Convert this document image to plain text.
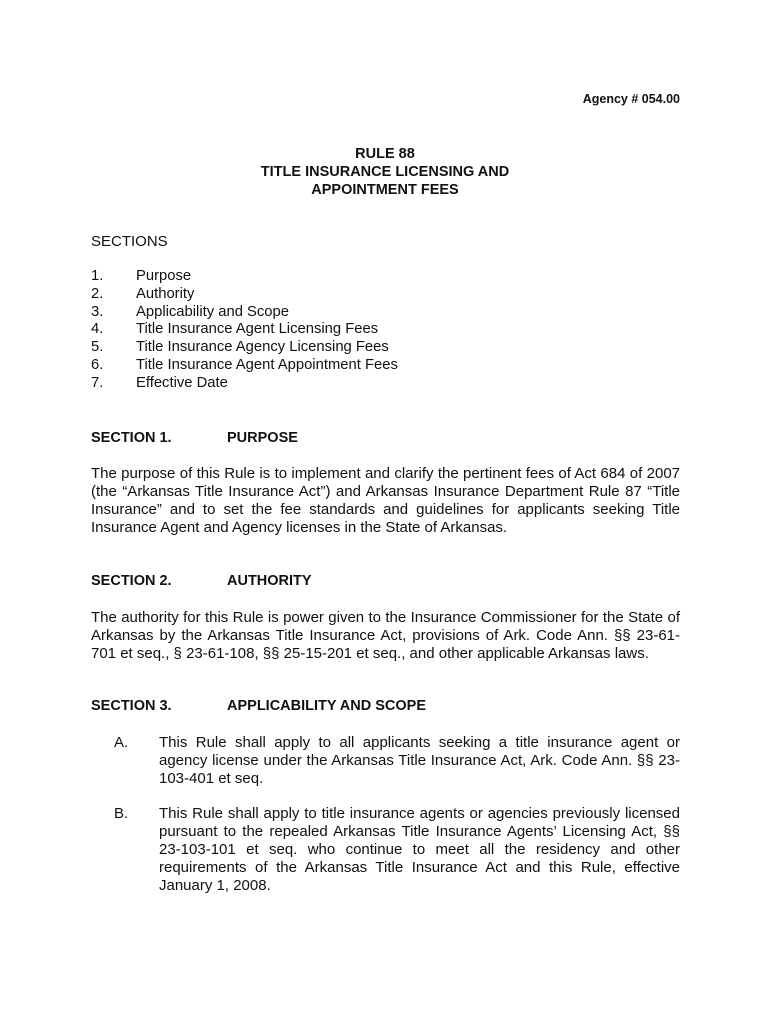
Agency # 054.00
RULE 88
TITLE INSURANCE LICENSING AND
APPOINTMENT FEES
SECTIONS
1. Purpose
2. Authority
3. Applicability and Scope
4. Title Insurance Agent Licensing Fees
5. Title Insurance Agency Licensing Fees
6. Title Insurance Agent Appointment Fees
7. Effective Date
SECTION 1.	PURPOSE

The purpose of this Rule is to implement and clarify the pertinent fees of Act 684 of 2007 (the “Arkansas Title Insurance Act”) and Arkansas Insurance Department Rule 87 “Title Insurance” and to set the fee standards and guidelines for applicants seeking Title Insurance Agent and Agency licenses in the State of Arkansas.

SECTION 2.	AUTHORITY

The authority for this Rule is power given to the Insurance Commissioner for the State of Arkansas by the Arkansas Title Insurance Act, provisions of Ark. Code Ann. §§ 23-61-701 et seq., § 23-61-108, §§ 25-15-201 et seq., and other applicable Arkansas laws.

SECTION 3.	APPLICABILITY AND SCOPE
A. This Rule shall apply to all applicants seeking a title insurance agent or agency license under the Arkansas Title Insurance Act, Ark. Code Ann. §§ 23-103-401 et seq.
B. This Rule shall apply to title insurance agents or agencies previously licensed pursuant to the repealed Arkansas Title Insurance Agents’ Licensing Act, §§ 23-103-101 et seq. who continue to meet all the residency and other requirements of the Arkansas Title Insurance Act and this Rule, effective January 1, 2008.
